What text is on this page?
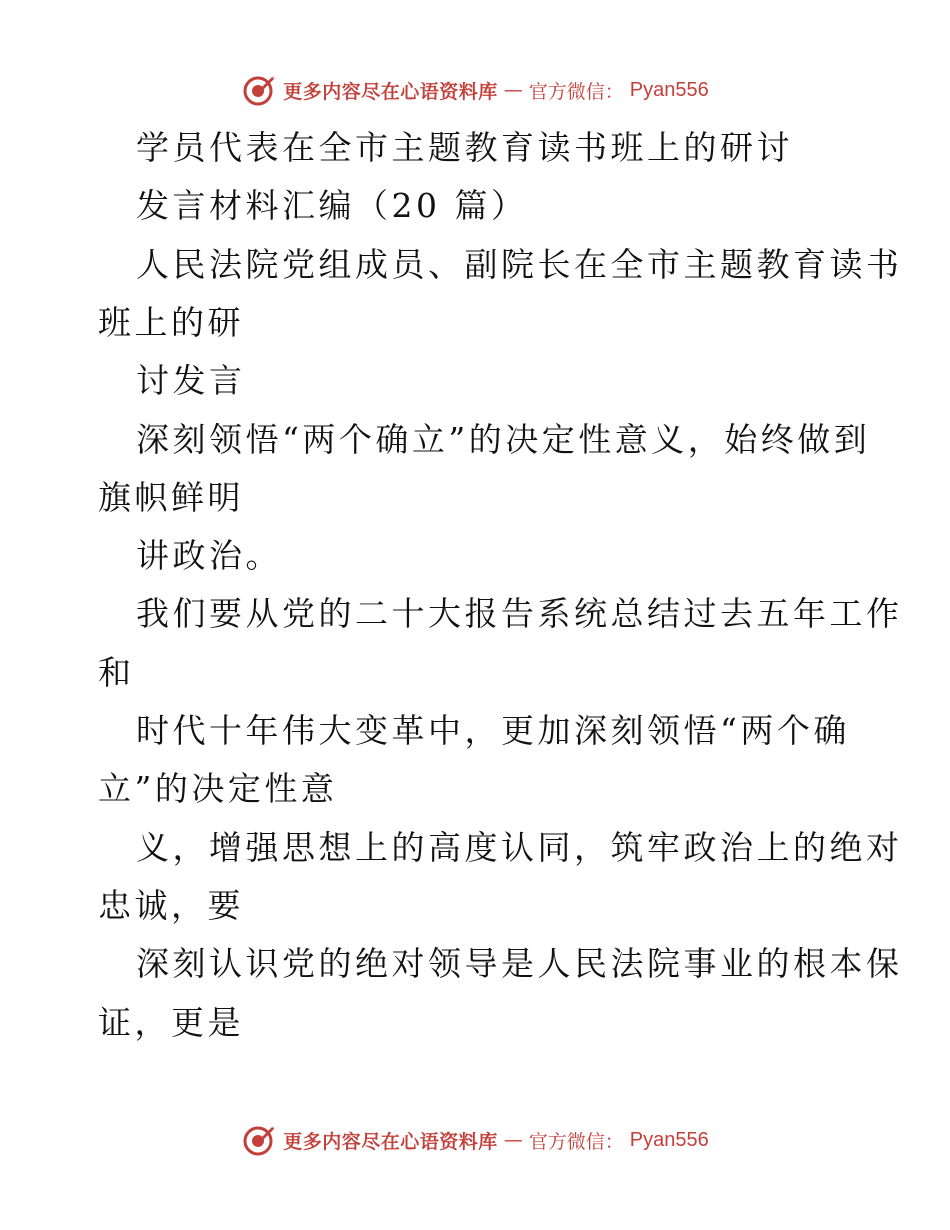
更多内容尽在心语资料库 — 官方微信： Pyan556
学员代表在全市主题教育读书班上的研讨
发言材料汇编（20 篇）
人民法院党组成员、副院长在全市主题教育读书
班上的研
讨发言
深刻领悟“两个确立”的决定性意义，始终做到
旗帜鲜明
讲政治。
我们要从党的二十大报告系统总结过去五年工作
和
时代十年伟大变革中，更加深刻领悟“两个确
立”的决定性意
义，增强思想上的高度认同，筑牢政治上的绝对
忠诚，要
深刻认识党的绝对领导是人民法院事业的根本保
证，更是
更多内容尽在心语资料库 — 官方微信： Pyan556
